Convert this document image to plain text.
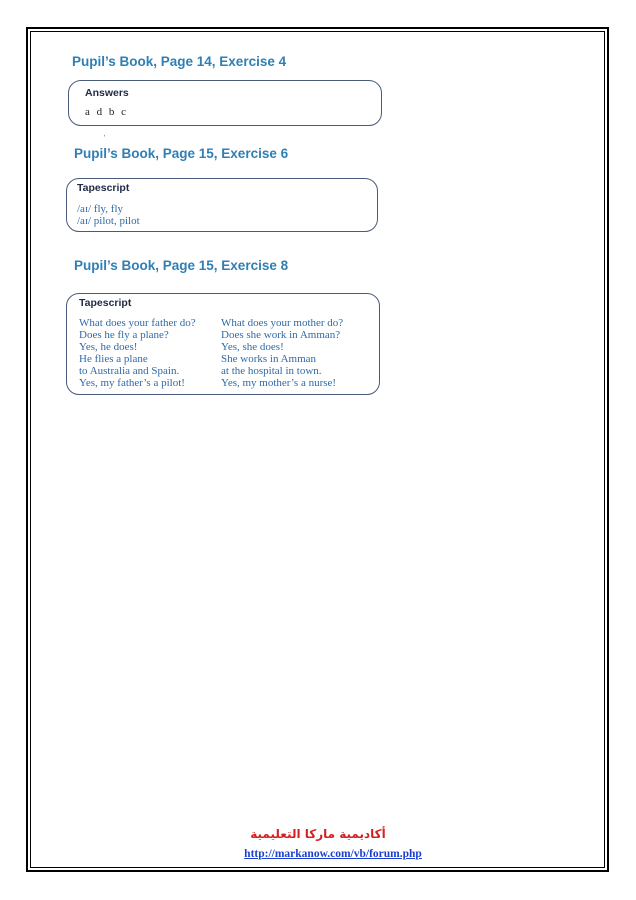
Pupil’s Book, Page 14, Exercise 4
Answers
a d b c
ʹ
Pupil’s Book, Page 15, Exercise 6
Tapescript
/aɪ/ fly, fly
/aɪ/ pilot, pilot
Pupil’s Book, Page 15, Exercise 8
Tapescript
What does your father do?
Does he fly a plane?
Yes, he does!
He flies a plane
to Australia and Spain.
Yes, my father’s a pilot!
What does your mother do?
Does she work in Amman?
Yes, she does!
She works in Amman
at the hospital in town.
Yes, my mother’s a nurse!
أكاديمية ماركا التعليمية
http://markanow.com/vb/forum.php
